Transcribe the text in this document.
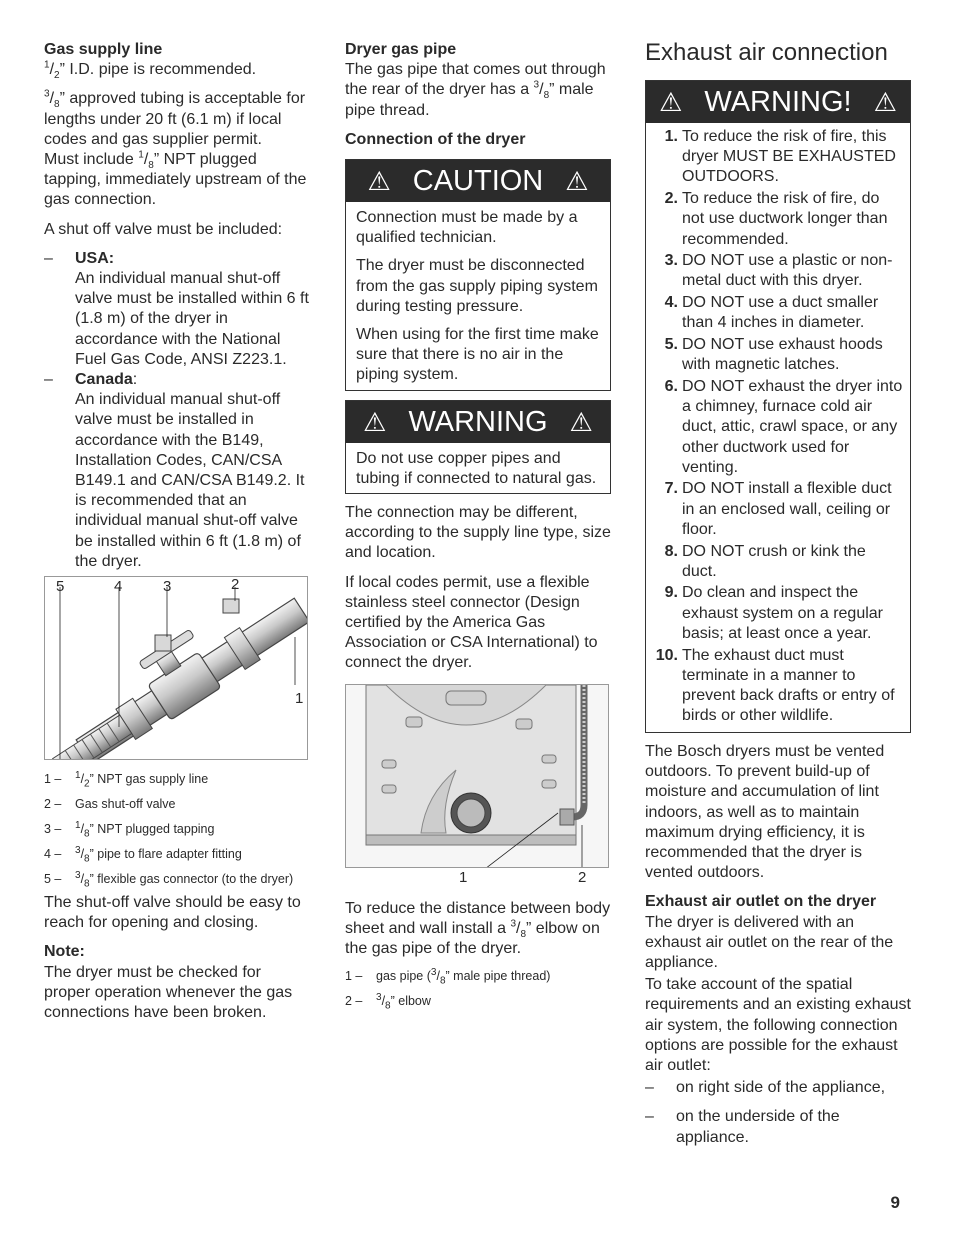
Gas supply line

$^1/_2$” I.D. pipe is recommended.

$^3/_8$” approved tubing is acceptable for lengths under 20 ft (6.1 m) if local codes and gas supplier permit.

Must include $^1/_8$” NPT plugged tapping, immediately upstream of the gas connection.

A shut off valve must be included:

–	USA:

An individual manual shut-off valve must be installed within 6 ft (1.8 m) of the dryer in accordance with the National Fuel Gas Code, ANSI Z223.1.

–	Canada:

An individual manual shut-off valve must be installed in accordance with the B149, Installation Codes, CAN/CSA B149.1 and CAN/CSA B149.2. It is recommended that an individual manual shut-off valve be installed within 6 ft (1.8 m) of the dryer.

5	4	3	2
1
1 –	$^1/_2$” NPT gas supply line
2 –	Gas shut-off valve
3 –	$^1/_8$” NPT plugged tapping
4 –	$^3/_8$” pipe to flare adapter fitting
5 –	$^3/_8$” flexible gas connector (to the dryer)

The shut-off valve should be easy to reach for opening and closing.

Note:

The dryer must be checked for proper operation whenever the gas connections have been broken.

Dryer gas pipe

The gas pipe that comes out through the rear of the dryer has a $^3/_8$” male pipe thread.

Connection of the dryer

⚠ CAUTION ⚠

Connection must be made by a qualified technician.

The dryer must be disconnected from the gas supply piping system during testing pressure.

When using for the first time make sure that there is no air in the piping system.

⚠ WARNING ⚠

Do not use copper pipes and tubing if connected to natural gas.

The connection may be different, according to the supply line type, size and location.

If local codes permit, use a flexible stainless steel connector (Design certified by the America Gas Association or CSA International) to connect the dryer.

1	2

To reduce the distance between body sheet and wall install a $^3/_8$” elbow on the gas pipe of the dryer.

1 –	gas pipe ($^3/_8$” male pipe thread)
2 –	$^3/_8$” elbow

Exhaust air connection

⚠ WARNING! ⚠
1. To reduce the risk of fire, this dryer MUST BE EXHAUSTED OUTDOORS.
2. To reduce the risk of fire, do not use ductwork longer than recommended.
3. DO NOT use a plastic or non-metal duct with this dryer.
4. DO NOT use a duct smaller than 4 inches in diameter.
5. DO NOT use exhaust hoods with magnetic latches.
6. DO NOT exhaust the dryer into a chimney, furnace cold air duct, attic, crawl space, or any other ductwork used for venting.
7. DO NOT install a flexible duct in an enclosed wall, ceiling or floor.
8. DO NOT crush or kink the duct.
9. Do clean and inspect the exhaust system on a regular basis; at least once a year.
10. The exhaust duct must terminate in a manner to prevent back drafts or entry of birds or other wildlife.

The Bosch dryers must be vented outdoors. To prevent build-up of moisture and accumulation of lint indoors, as well as to maintain maximum drying efficiency, it is recommended that the dryer is vented outdoors.

Exhaust air outlet on the dryer

The dryer is delivered with an exhaust air outlet on the rear of the appliance.

To take account of the spatial requirements and an existing exhaust air system, the following connection options are possible for the exhaust air outlet:

–	on right side of the appliance,
–	on the underside of the appliance.
9
